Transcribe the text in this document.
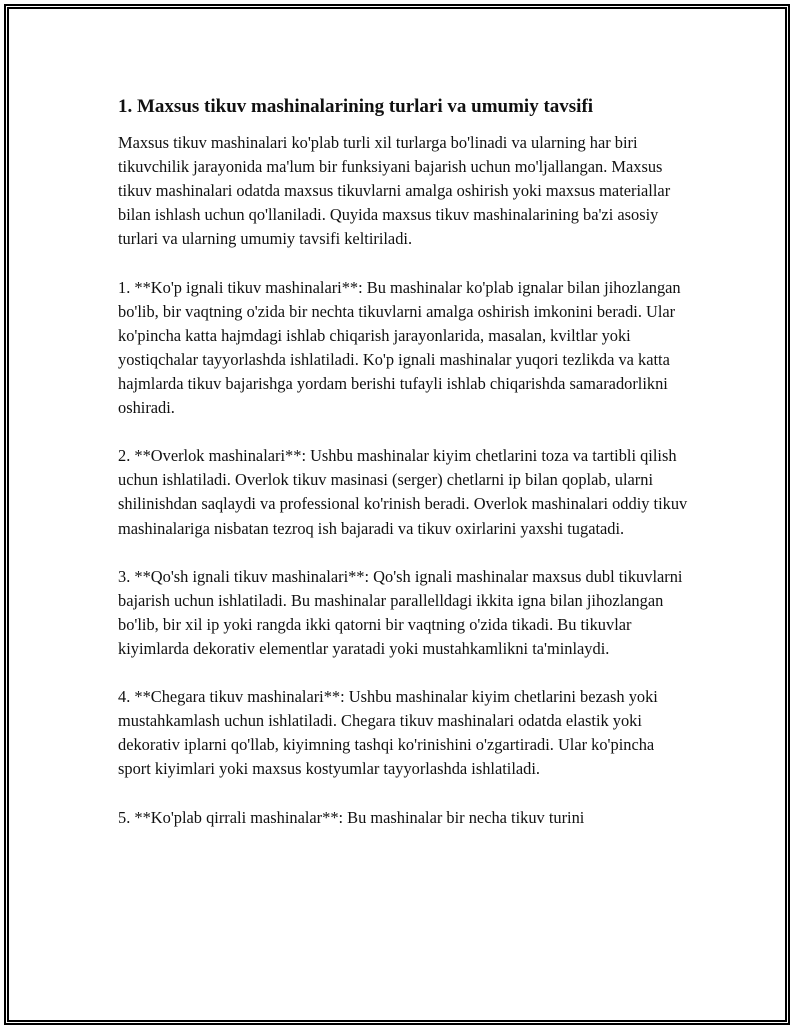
1. Maxsus tikuv mashinalarining turlari va umumiy tavsifi

Maxsus tikuv mashinalari ko'plab turli xil turlarga bo'linadi va ularning har biri tikuvchilik jarayonida ma'lum bir funksiyani bajarish uchun mo'ljallangan. Maxsus tikuv mashinalari odatda maxsus tikuvlarni amalga oshirish yoki maxsus materiallar bilan ishlash uchun qo'llaniladi. Quyida maxsus tikuv mashinalarining ba'zi asosiy turlari va ularning umumiy tavsifi keltiriladi.

1. **Ko'p ignali tikuv mashinalari**: Bu mashinalar ko'plab ignalar bilan jihozlangan bo'lib, bir vaqtning o'zida bir nechta tikuvlarni amalga oshirish imkonini beradi. Ular ko'pincha katta hajmdagi ishlab chiqarish jarayonlarida, masalan, kviltlar yoki yostiqchalar tayyorlashda ishlatiladi. Ko'p ignali mashinalar yuqori tezlikda va katta hajmlarda tikuv bajarishga yordam berishi tufayli ishlab chiqarishda samaradorlikni oshiradi.

2. **Overlok mashinalari**: Ushbu mashinalar kiyim chetlarini toza va tartibli qilish uchun ishlatiladi. Overlok tikuv masinasi (serger) chetlarni ip bilan qoplab, ularni shilinishdan saqlaydi va professional ko'rinish beradi. Overlok mashinalari oddiy tikuv mashinalariga nisbatan tezroq ish bajaradi va tikuv oxirlarini yaxshi tugatadi.

3. **Qo'sh ignali tikuv mashinalari**: Qo'sh ignali mashinalar maxsus dubl tikuvlarni bajarish uchun ishlatiladi. Bu mashinalar parallelldagi ikkita igna bilan jihozlangan bo'lib, bir xil ip yoki rangda ikki qatorni bir vaqtning o'zida tikadi. Bu tikuvlar kiyimlarda dekorativ elementlar yaratadi yoki mustahkamlikni ta'minlaydi.

4. **Chegara tikuv mashinalari**: Ushbu mashinalar kiyim chetlarini bezash yoki mustahkamlash uchun ishlatiladi. Chegara tikuv mashinalari odatda elastik yoki dekorativ iplarni qo'llab, kiyimning tashqi ko'rinishini o'zgartiradi. Ular ko'pincha sport kiyimlari yoki maxsus kostyumlar tayyorlashda ishlatiladi.

5. **Ko'plab qirrali mashinalar**: Bu mashinalar bir necha tikuv turini
